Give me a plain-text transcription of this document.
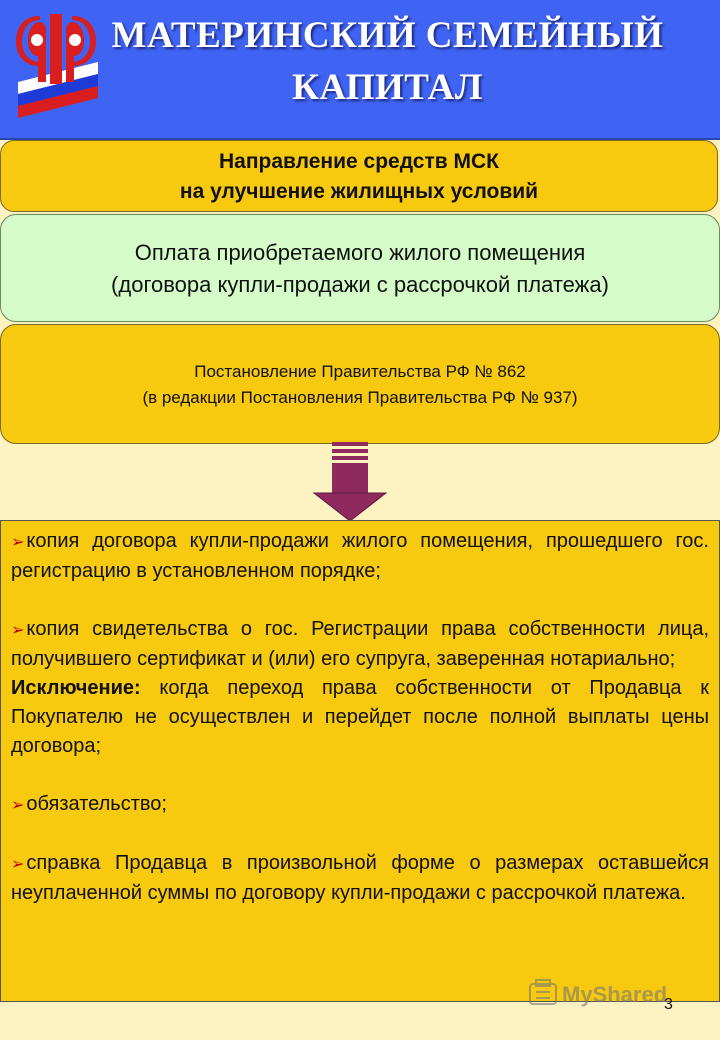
МАТЕРИНСКИЙ СЕМЕЙНЫЙ
КАПИТАЛ
Направление средств МСК
на улучшение жилищных условий
Оплата приобретаемого жилого помещения
(договора купли-продажи с рассрочкой платежа)
Постановление Правительства РФ № 862
(в редакции Постановления Правительства РФ № 937)

➢ копия договора купли-продажи жилого помещения, прошедшего гос. регистрацию в установленном порядке;

➢ копия свидетельства о гос. Регистрации права собственности лица, получившего сертификат и (или) его супруга, заверенная нотариально;

Исключение: когда переход права собственности от Продавца к Покупателю не осуществлен и перейдет после полной выплаты цены договора;

➢ обязательство;

➢ справка Продавца в произвольной форме о размерах оставшейся неуплаченной суммы по договору купли-продажи с рассрочкой платежа.

MyShared
3
